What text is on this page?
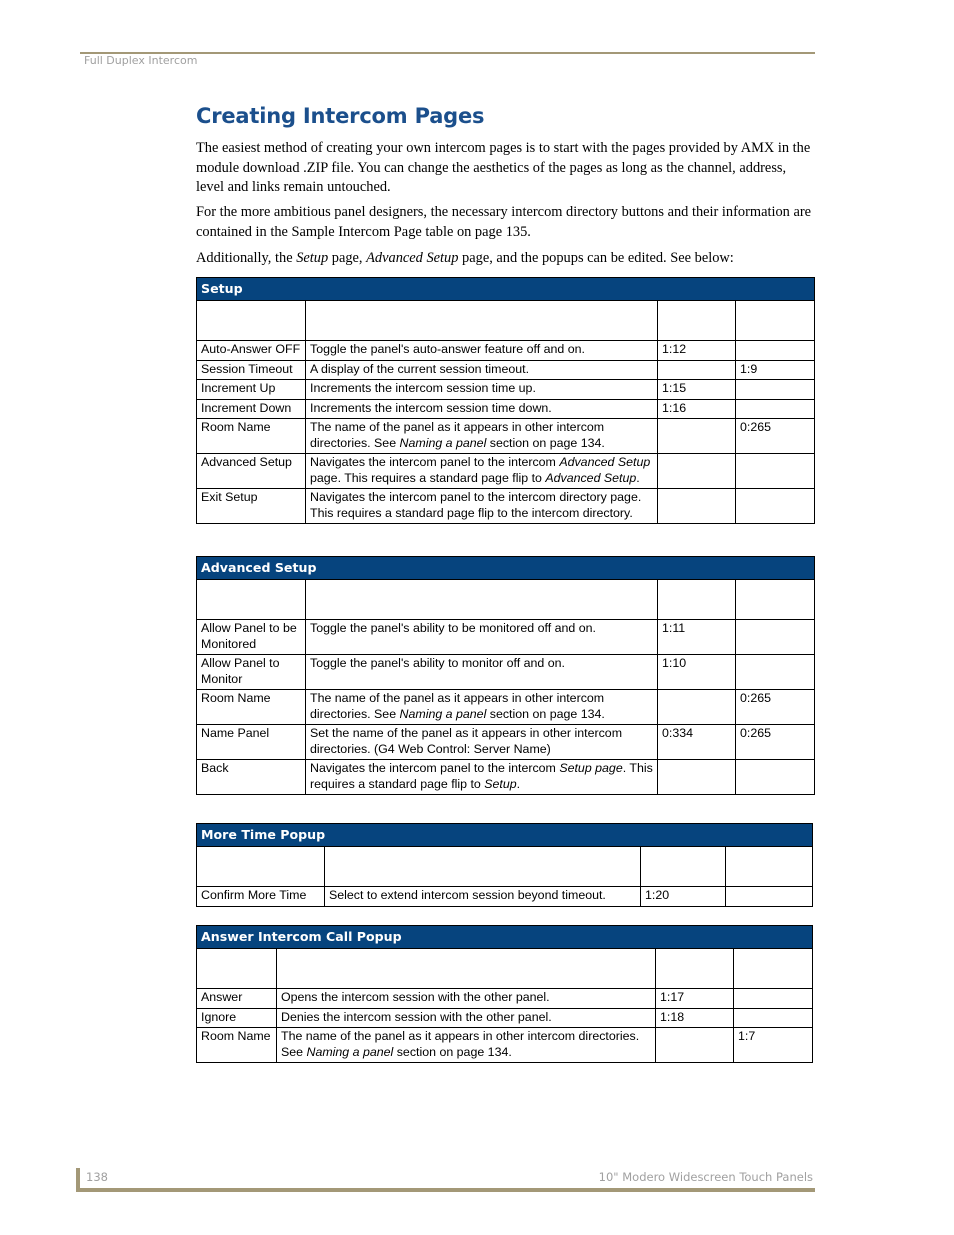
Full Duplex Intercom
Creating Intercom Pages

The easiest method of creating your own intercom pages is to start with the pages provided by AMX in the module download .ZIP file. You can change the aesthetics of the pages as long as the channel, address, level and links remain untouched.

For the more ambitious panel designers, the necessary intercom directory buttons and their information are contained in the Sample Intercom Page table on page 135.

Additionally, the Setup page, Advanced Setup page, and the popups can be edited. See below:

Setup			

Auto-Answer OFF	Toggle the panel's auto-answer feature off and on.	1:12	
Session Timeout	A display of the current session timeout.		1:9
Increment Up	Increments the intercom session time up.	1:15	
Increment Down	Increments the intercom session time down.	1:16	
Room Name	The name of the panel as it appears in other intercom directories. See Naming a panel section on page 134.		0:265
Advanced Setup	Navigates the intercom panel to the intercom Advanced Setup page. This requires a standard page flip to Advanced Setup.		
Exit Setup	Navigates the intercom panel to the intercom directory page. This requires a standard page flip to the intercom directory.		
Advanced Setup			

Allow Panel to be Monitored	Toggle the panel's ability to be monitored off and on.	1:11	
Allow Panel to Monitor	Toggle the panel's ability to monitor off and on.	1:10	
Room Name	The name of the panel as it appears in other intercom directories. See Naming a panel section on page 134.		0:265
Name Panel	Set the name of the panel as it appears in other intercom directories. (G4 Web Control: Server Name)	0:334	0:265
Back	Navigates the intercom panel to the intercom Setup page. This requires a standard page flip to Setup.		
More Time Popup			

Confirm More Time	Select to extend intercom session beyond timeout.	1:20	
Answer Intercom Call Popup			

Answer	Opens the intercom session with the other panel.	1:17	
Ignore	Denies the intercom session with the other panel.	1:18	
Room Name	The name of the panel as it appears in other intercom directories. See Naming a panel section on page 134.		1:7
138	10" Modero Widescreen Touch Panels
